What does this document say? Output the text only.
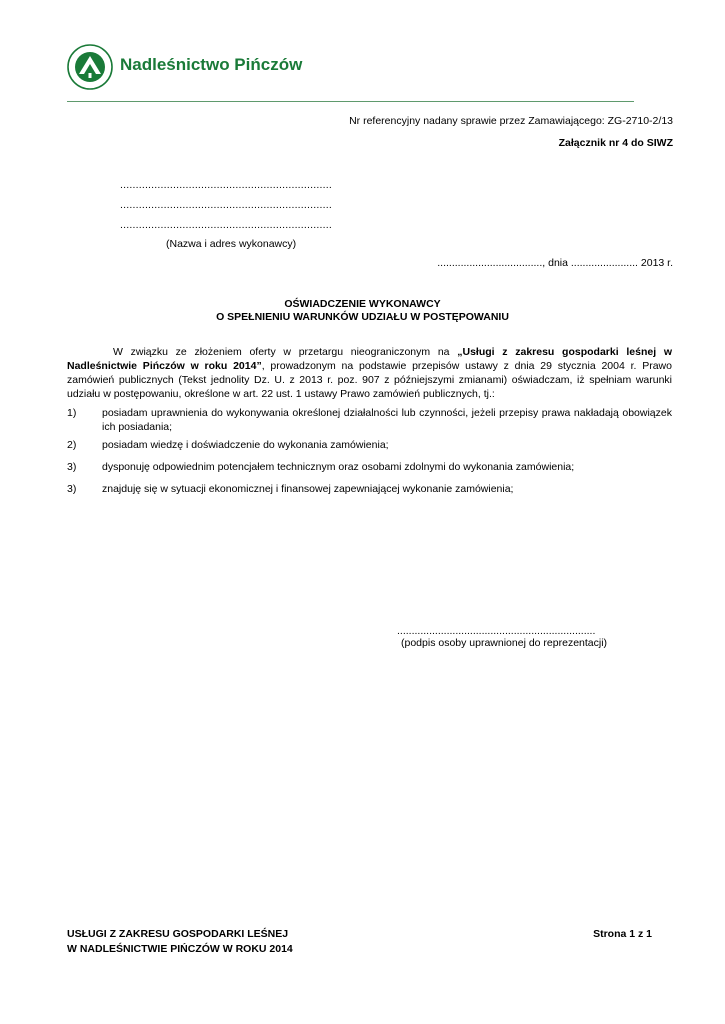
Nadleśnictwo Pińczów
Nr referencyjny nadany sprawie przez Zamawiającego: ZG-2710-2/13
Załącznik nr 4 do SIWZ
....................................................................
....................................................................
....................................................................
(Nazwa i adres wykonawcy)
...................................., dnia ....................... 2013 r.
OŚWIADCZENIE WYKONAWCY
O SPEŁNIENIU WARUNKÓW UDZIAŁU W POSTĘPOWANIU

W związku ze złożeniem oferty w przetargu nieograniczonym na „Usługi z zakresu gospodarki leśnej w Nadleśnictwie Pińczów w roku 2014”, prowadzonym na podstawie przepisów ustawy z dnia 29 stycznia 2004 r. Prawo zamówień publicznych (Tekst jednolity Dz. U. z 2013 r. poz. 907 z późniejszymi zmianami) oświadczam, iż spełniam warunki udziału w postępowaniu, określone w art. 22 ust. 1 ustawy Prawo zamówień publicznych, tj.:

1) posiadam uprawnienia do wykonywania określonej działalności lub czynności, jeżeli przepisy prawa nakładają obowiązek ich posiadania;
2) posiadam wiedzę i doświadczenie do wykonania zamówienia;
3) dysponuję odpowiednim potencjałem technicznym oraz osobami zdolnymi do wykonania zamówienia;
3) znajduję się w sytuacji ekonomicznej i finansowej zapewniającej wykonanie zamówienia;
....................................................................
(podpis osoby uprawnionej do reprezentacji)
USŁUGI Z ZAKRESU GOSPODARKI LEŚNEJ
W NADLEŚNICTWIE PIŃCZÓW W ROKU 2014
Strona 1 z 1
